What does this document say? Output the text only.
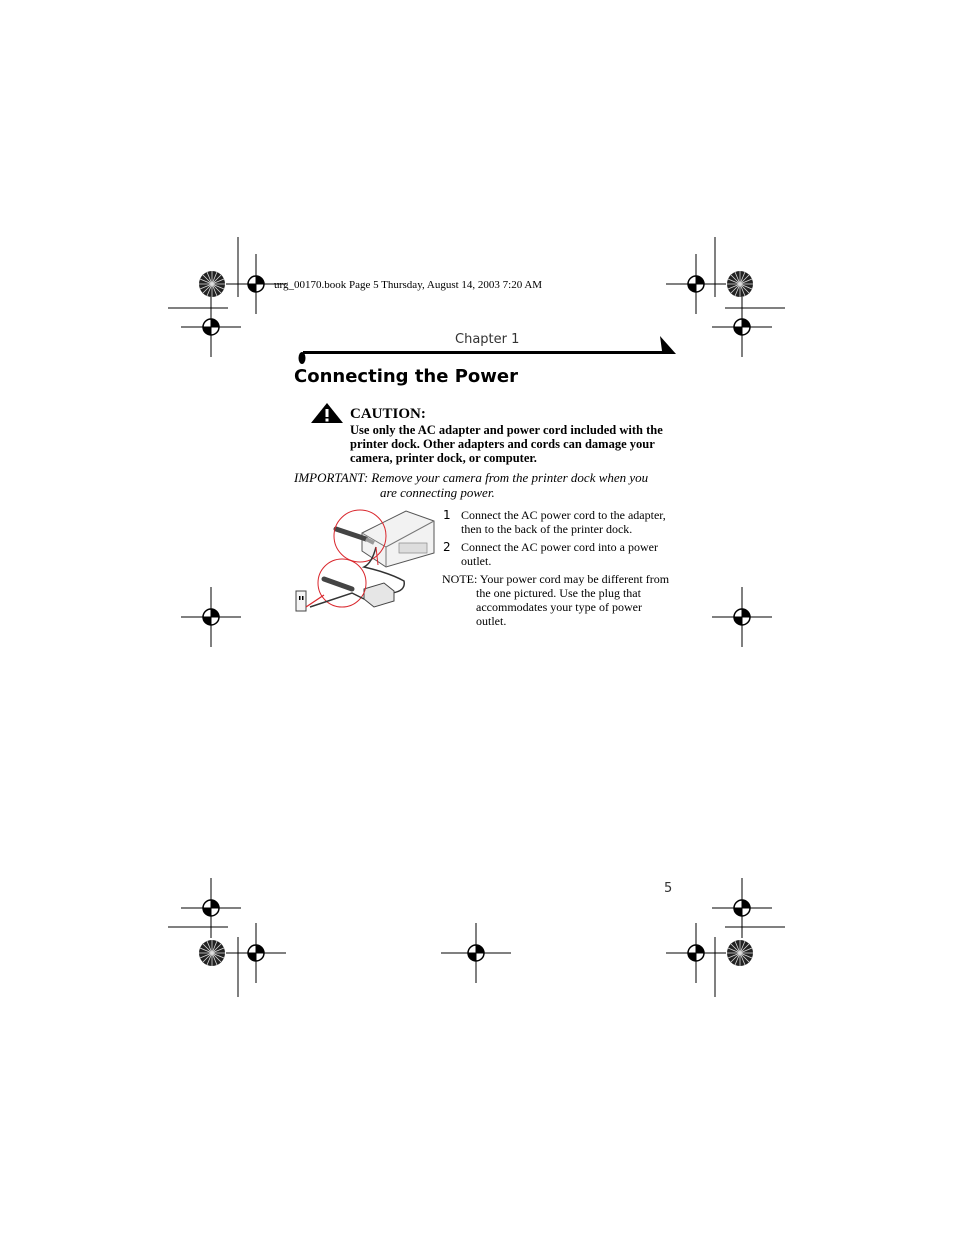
urg_00170.book Page 5 Thursday, August 14, 2003 7:20 AM
Chapter 1
Connecting the Power
CAUTION:
Use only the AC adapter and power cord included with the printer dock. Other adapters and cords can damage your camera, printer dock, or computer.
IMPORTANT: Remove your camera from the printer dock when you
are connecting power.
1 Connect the AC power cord to the adapter,
then to the back of the printer dock.
2 Connect the AC power cord into a power
outlet.
NOTE: Your power cord may be different from
the one pictured. Use the plug that
accommodates your type of power
outlet.
5
